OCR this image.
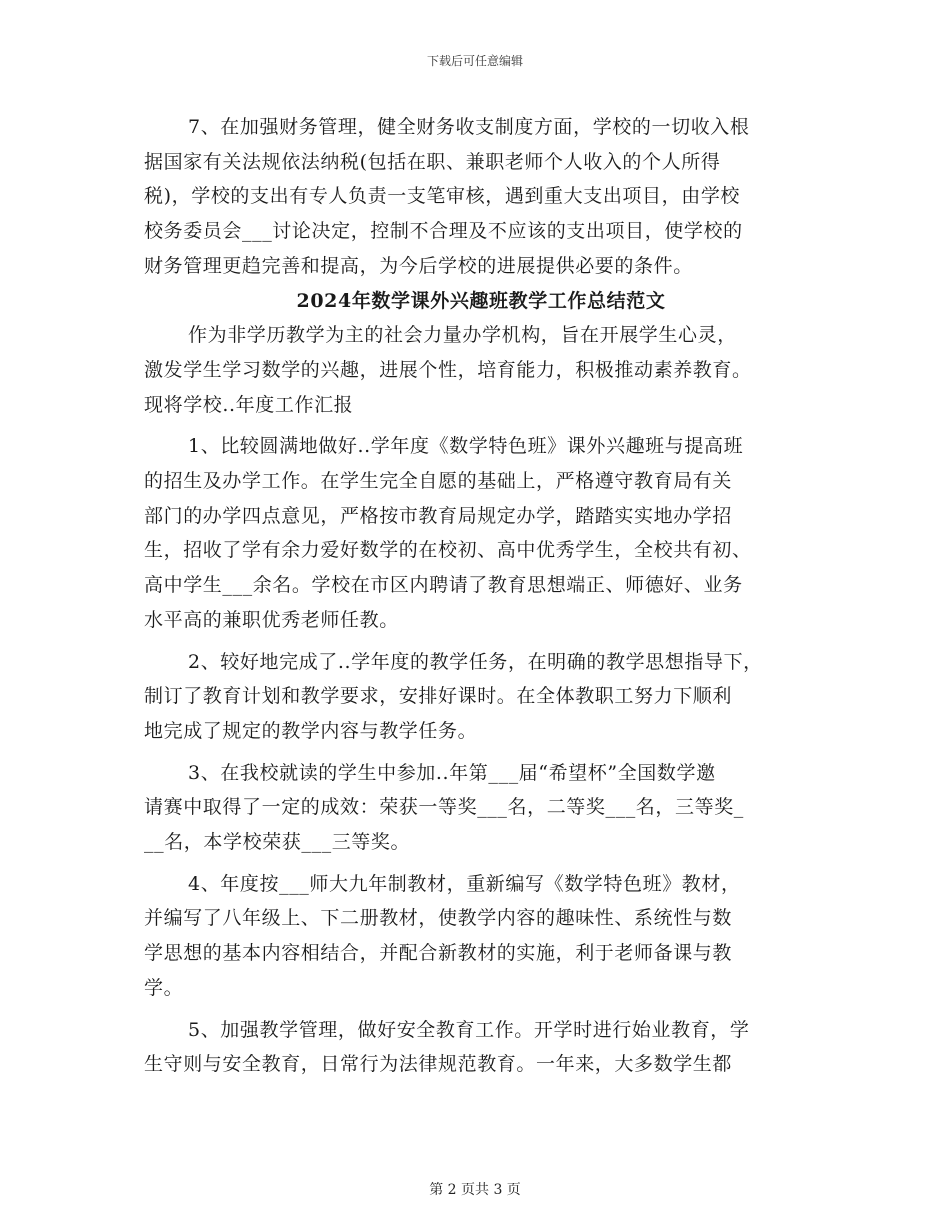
下载后可任意编辑

7、在加强财务管理，健全财务收支制度方面，学校的一切收入根
据国家有关法规依法纳税(包括在职、兼职老师个人收入的个人所得
税)，学校的支出有专人负责一支笔审核，遇到重大支出项目，由学校
校务委员会___讨论决定，控制不合理及不应该的支出项目，使学校的
财务管理更趋完善和提高，为今后学校的进展提供必要的条件。

2024年数学课外兴趣班教学工作总结范文

作为非学历教学为主的社会力量办学机构，旨在开展学生心灵，
激发学生学习数学的兴趣，进展个性，培育能力，积极推动素养教育。
现将学校..年度工作汇报

1、比较圆满地做好..学年度《数学特色班》课外兴趣班与提高班
的招生及办学工作。在学生完全自愿的基础上，严格遵守教育局有关
部门的办学四点意见，严格按市教育局规定办学，踏踏实实地办学招
生，招收了学有余力爱好数学的在校初、高中优秀学生，全校共有初、
高中学生___余名。学校在市区内聘请了教育思想端正、师德好、业务
水平高的兼职优秀老师任教。

2、较好地完成了..学年度的教学任务，在明确的教学思想指导下，
制订了教育计划和教学要求，安排好课时。在全体教职工努力下顺利
地完成了规定的教学内容与教学任务。

3、在我校就读的学生中参加..年第___届“希望杯”全国数学邀
请赛中取得了一定的成效：荣获一等奖___名，二等奖___名，三等奖_
__名，本学校荣获___三等奖。

4、年度按___师大九年制教材，重新编写《数学特色班》教材，
并编写了八年级上、下二册教材，使教学内容的趣味性、系统性与数
学思想的基本内容相结合，并配合新教材的实施，利于老师备课与教
学。

5、加强教学管理，做好安全教育工作。开学时进行始业教育，学
生守则与安全教育，日常行为法律规范教育。一年来，大多数学生都

第 2 页共 3 页
